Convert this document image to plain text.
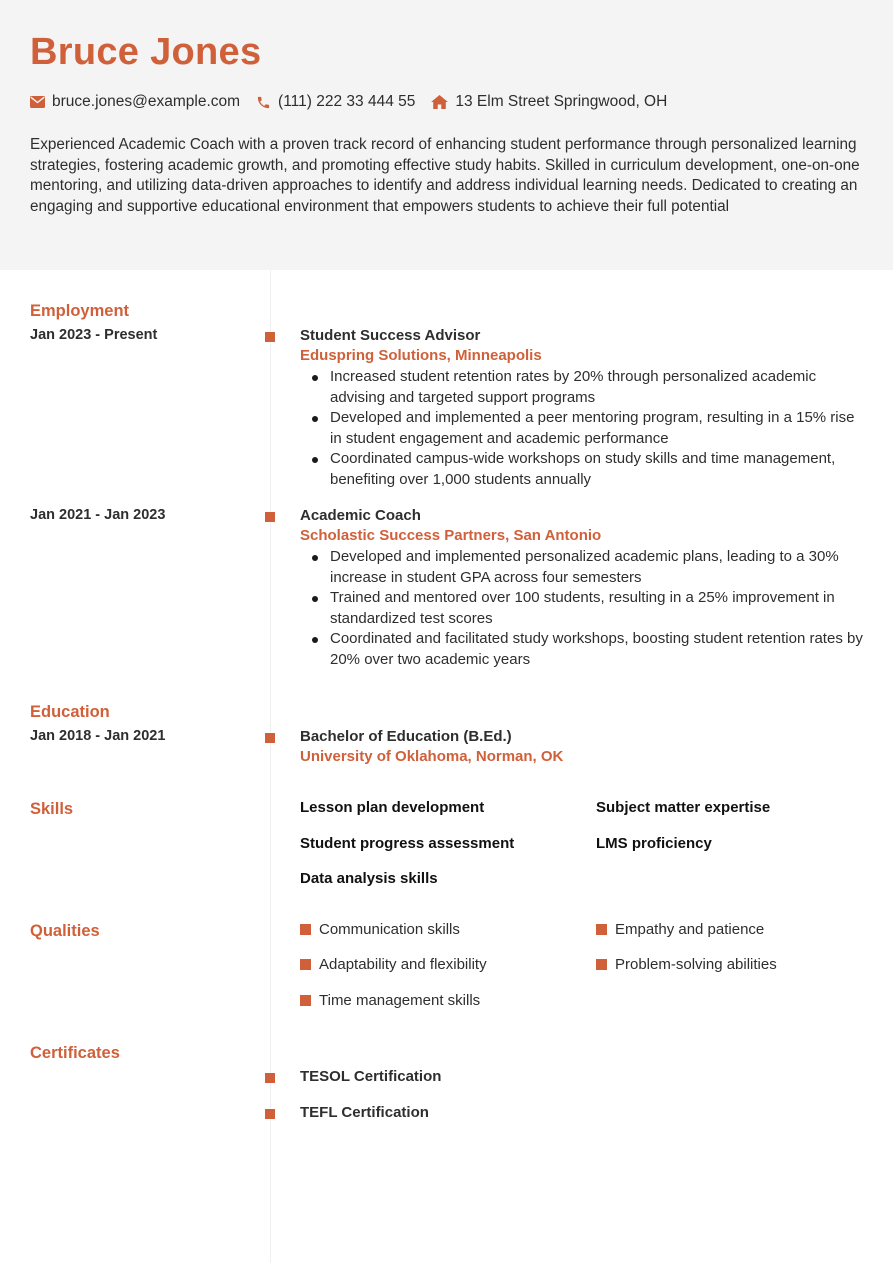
Bruce Jones
bruce.jones@example.com (111) 222 33 444 55	13 Elm Street Springwood, OH
Experienced Academic Coach with a proven track record of enhancing student performance through personalized learning strategies, fostering academic growth, and promoting effective study habits. Skilled in curriculum development, one-on-one mentoring, and utilizing data-driven approaches to identify and address individual learning needs. Dedicated to creating an engaging and supportive educational environment that empowers students to achieve their full potential
Employment
Jan 2023 - Present	Student Success Advisor
Eduspring Solutions, Minneapolis
Increased student retention rates by 20% through personalized academic advising and targeted support programs
Developed and implemented a peer mentoring program, resulting in a 15% rise in student engagement and academic performance
Coordinated campus-wide workshops on study skills and time management, benefiting over 1,000 students annually
Jan 2021 - Jan 2023	Academic Coach
Scholastic Success Partners, San Antonio
Developed and implemented personalized academic plans, leading to a 30% increase in student GPA across four semesters
Trained and mentored over 100 students, resulting in a 25% improvement in standardized test scores
Coordinated and facilitated study workshops, boosting student retention rates by 20% over two academic years
Education
Jan 2018 - Jan 2021	Bachelor of Education (B.Ed.)
University of Oklahoma, Norman, OK
Skills	Lesson plan development	Subject matter expertise
Student progress assessment	LMS proficiency
Data analysis skills
Qualities	Communication skills	Empathy and patience
Adaptability and flexibility	Problem-solving abilities
Time management skills
Certificates
TESOL Certification
TEFL Certification
